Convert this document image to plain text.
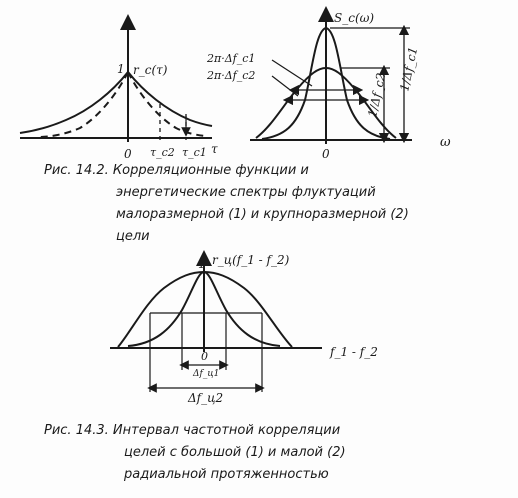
1 r_c(τ)
0 τ_c2 τ_c1 τ
S_c(ω)
2π·Δf_c1
2π·Δf_c2	1/Δf_c1
1/Δf_c2
0
ω
Рис. 14.2. Корреляционные функции и
энергетические спектры флуктуаций
малоразмерной (1) и крупноразмерной (2)
цели
r_ц(f_1 - f_2)
1
0	f_1 - f_2
Δf_ц1
Δf_ц2
Рис. 14.3. Интервал частотной корреляции
целей с большой (1) и малой (2)
радиальной протяженностью
